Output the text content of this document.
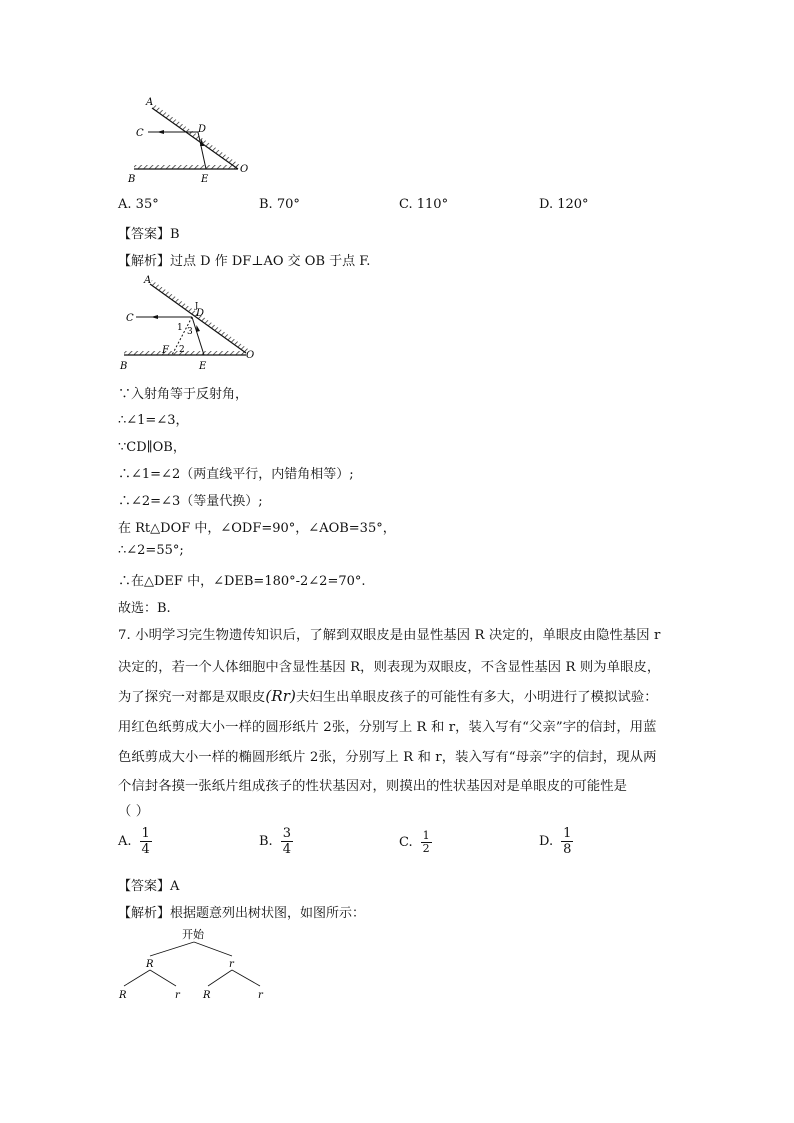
A
C	D
O
B	E
A. 35°	B. 70°	C. 110°	D. 120°
【答案】B
【解析】过点 D 作 DF⊥AO 交 OB 于点 F.
A
C	D
O
B	E
F
1 3
2
J
∵入射角等于反射角，
∴∠1=∠3，
∵CD∥OB，
∴∠1=∠2（两直线平行，内错角相等）;
∴∠2=∠3（等量代换）;
在 Rt△DOF 中，∠ODF=90°，∠AOB=35°，
∴∠2=55°;
∴在△DEF 中，∠DEB=180°-2∠2=70°.
故选：B.
7. 小明学习完生物遗传知识后，了解到双眼皮是由显性基因 R 决定的，单眼皮由隐性基因 r
决定的，若一个人体细胞中含显性基因 R，则表现为双眼皮，不含显性基因 R 则为单眼皮，
为了探究一对都是双眼皮(Rr)夫妇生出单眼皮孩子的可能性有多大，小明进行了模拟试验：
用红色纸剪成大小一样的圆形纸片 2张，分别写上 R 和 r，装入写有“父亲”字的信封，用蓝
色纸剪成大小一样的椭圆形纸片 2张，分别写上 R 和 r，装入写有“母亲”字的信封，现从两
个信封各摸一张纸片组成孩子的性状基因对，则摸出的性状基因对是单眼皮的可能性是
（ ）
A. $\frac{1}{4}$	B. $\frac{3}{4}$	C. $\frac{1}{2}$	D. $\frac{1}{8}$
【答案】A
【解析】根据题意列出树状图，如图所示：
开始
R	r
R	r R	r
